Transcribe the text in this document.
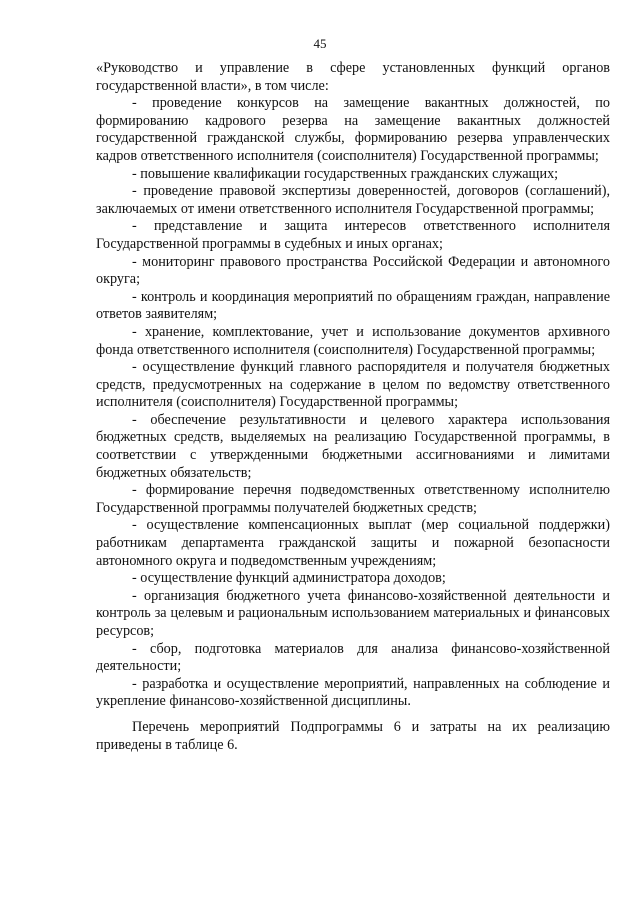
45

«Руководство и управление в сфере установленных функций органов государственной власти», в том числе:

- проведение конкурсов на замещение вакантных должностей, по формированию кадрового резерва на замещение вакантных должностей государственной гражданской службы, формированию резерва управленческих кадров ответственного исполнителя (соисполнителя) Государственной программы;

- повышение квалификации государственных гражданских служащих;

- проведение правовой экспертизы доверенностей, договоров (соглашений), заключаемых от имени ответственного исполнителя Государственной программы;

- представление и защита интересов ответственного исполнителя Государственной программы в судебных и иных органах;

- мониторинг правового пространства Российской Федерации и автономного округа;

- контроль и координация мероприятий по обращениям граждан, направление ответов заявителям;

- хранение, комплектование, учет и использование документов архивного фонда ответственного исполнителя (соисполнителя) Государственной программы;

- осуществление функций главного распорядителя и получателя бюджетных средств, предусмотренных на содержание в целом по ведомству ответственного исполнителя (соисполнителя) Государственной программы;

- обеспечение результативности и целевого характера использования бюджетных средств, выделяемых на реализацию Государственной программы, в соответствии с утвержденными бюджетными ассигнованиями и лимитами бюджетных обязательств;

- формирование перечня подведомственных ответственному исполнителю Государственной программы получателей бюджетных средств;

- осуществление компенсационных выплат (мер социальной поддержки) работникам департамента гражданской защиты и пожарной безопасности автономного округа и подведомственным учреждениям;

- осуществление функций администратора доходов;

- организация бюджетного учета финансово-хозяйственной деятельности и контроль за целевым и рациональным использованием материальных и финансовых ресурсов;

- сбор, подготовка материалов для анализа финансово-хозяйственной деятельности;

- разработка и осуществление мероприятий, направленных на соблюдение и укрепление финансово-хозяйственной дисциплины.

Перечень мероприятий Подпрограммы 6 и затраты на их реализацию приведены в таблице 6.
